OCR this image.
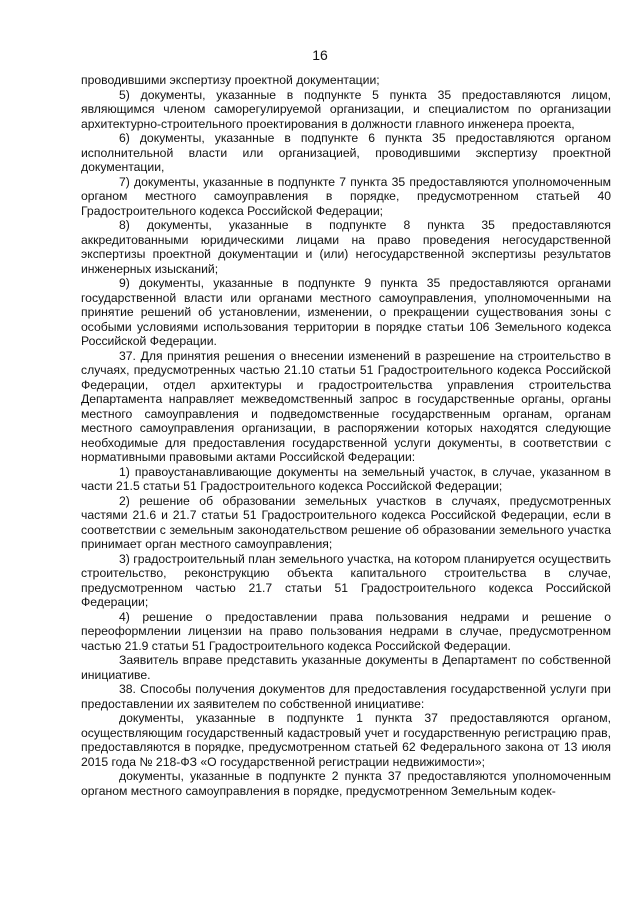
16

проводившими экспертизу проектной документации;

5) документы, указанные в подпункте 5 пункта 35 предоставляются лицом, являющимся членом саморегулируемой организации, и специалистом по организации архитектурно-строительного проектирования в должности главного инженера проекта,

6) документы, указанные в подпункте 6 пункта 35 предоставляются органом исполнительной власти или организацией, проводившими экспертизу проектной документации,

7) документы, указанные в подпункте 7 пункта 35 предоставляются уполномоченным органом местного самоуправления в порядке, предусмотренном статьей 40 Градостроительного кодекса Российской Федерации;

8) документы, указанные в подпункте 8 пункта 35 предоставляются аккредитованными юридическими лицами на право проведения негосударственной экспертизы проектной документации и (или) негосударственной экспертизы результатов инженерных изысканий;

9) документы, указанные в подпункте 9 пункта 35 предоставляются органами государственной власти или органами местного самоуправления, уполномоченными на принятие решений об установлении, изменении, о прекращении существования зоны с особыми условиями использования территории в порядке статьи 106 Земельного кодекса Российской Федерации.

37. Для принятия решения о внесении изменений в разрешение на строительство в случаях, предусмотренных частью 21.10 статьи 51 Градостроительного кодекса Российской Федерации, отдел архитектуры и градостроительства управления строительства Департамента направляет межведомственный запрос в государственные органы, органы местного самоуправления и подведомственные государственным органам, органам местного самоуправления организации, в распоряжении которых находятся следующие необходимые для предоставления государственной услуги документы, в соответствии с нормативными правовыми актами Российской Федерации:

1) правоустанавливающие документы на земельный участок, в случае, указанном в части 21.5 статьи 51 Градостроительного кодекса Российской Федерации;

2) решение об образовании земельных участков в случаях, предусмотренных частями 21.6 и 21.7 статьи 51 Градостроительного кодекса Российской Федерации, если в соответствии с земельным законодательством решение об образовании земельного участка принимает орган местного самоуправления;

3) градостроительный план земельного участка, на котором планируется осуществить строительство, реконструкцию объекта капитального строительства в случае, предусмотренном частью 21.7 статьи 51 Градостроительного кодекса Российской Федерации;

4) решение о предоставлении права пользования недрами и решение о переоформлении лицензии на право пользования недрами в случае, предусмотренном частью 21.9 статьи 51 Градостроительного кодекса Российской Федерации.

Заявитель вправе представить указанные документы в Департамент по собственной инициативе.

38. Способы получения документов для предоставления государственной услуги при предоставлении их заявителем по собственной инициативе:

документы, указанные в подпункте 1 пункта 37 предоставляются органом, осуществляющим государственный кадастровый учет и государственную регистрацию прав, предоставляются в порядке, предусмотренном статьей 62 Федерального закона от 13 июля 2015 года № 218-ФЗ «О государственной регистрации недвижимости»;

документы, указанные в подпункте 2 пункта 37 предоставляются уполномоченным органом местного самоуправления в порядке, предусмотренном Земельным кодек-
